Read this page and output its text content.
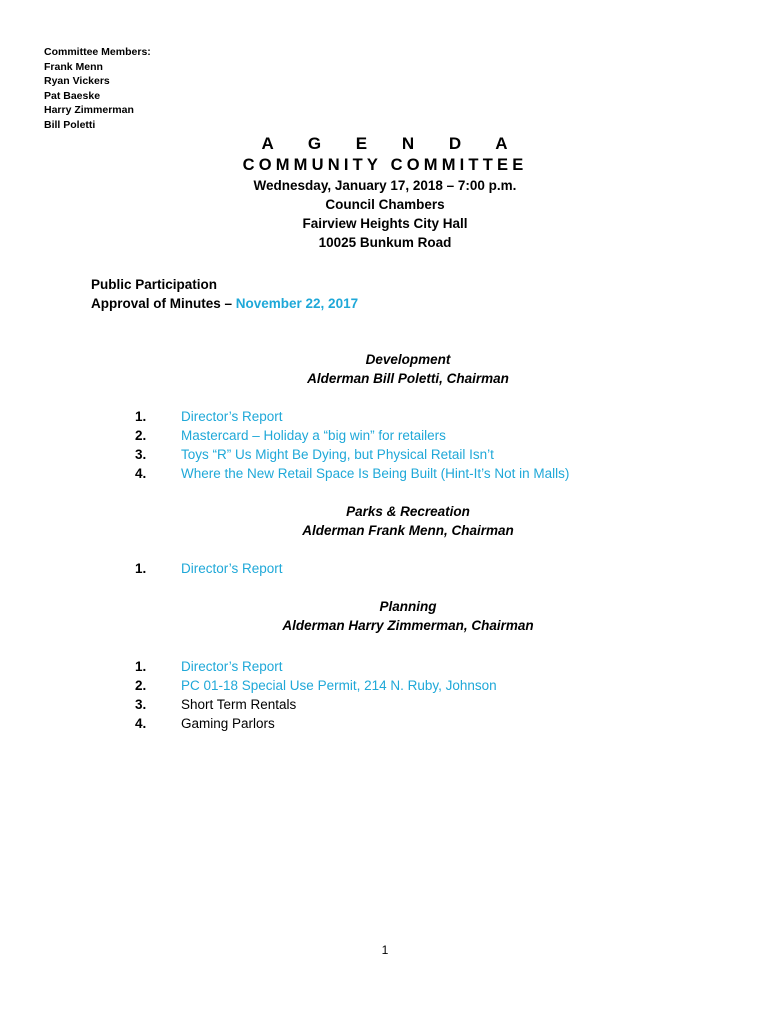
Committee Members:
Frank Menn
Ryan Vickers
Pat Baeske
Harry Zimmerman
Bill Poletti
A G E N D A
COMMUNITY COMMITTEE
Wednesday, January 17, 2018 – 7:00 p.m.
Council Chambers
Fairview Heights City Hall
10025 Bunkum Road
Public Participation
Approval of Minutes – November 22, 2017
Development
Alderman Bill Poletti, Chairman
1.	Director’s Report
2.	Mastercard – Holiday a “big win” for retailers
3.	Toys “R” Us Might Be Dying, but Physical Retail Isn’t
4.	Where the New Retail Space Is Being Built (Hint-It’s Not in Malls)
Parks & Recreation
Alderman Frank Menn, Chairman
1.	Director’s Report
Planning
Alderman Harry Zimmerman, Chairman
1.	Director’s Report
2.	PC 01-18 Special Use Permit, 214 N. Ruby, Johnson
3.	Short Term Rentals
4.	Gaming Parlors
1
